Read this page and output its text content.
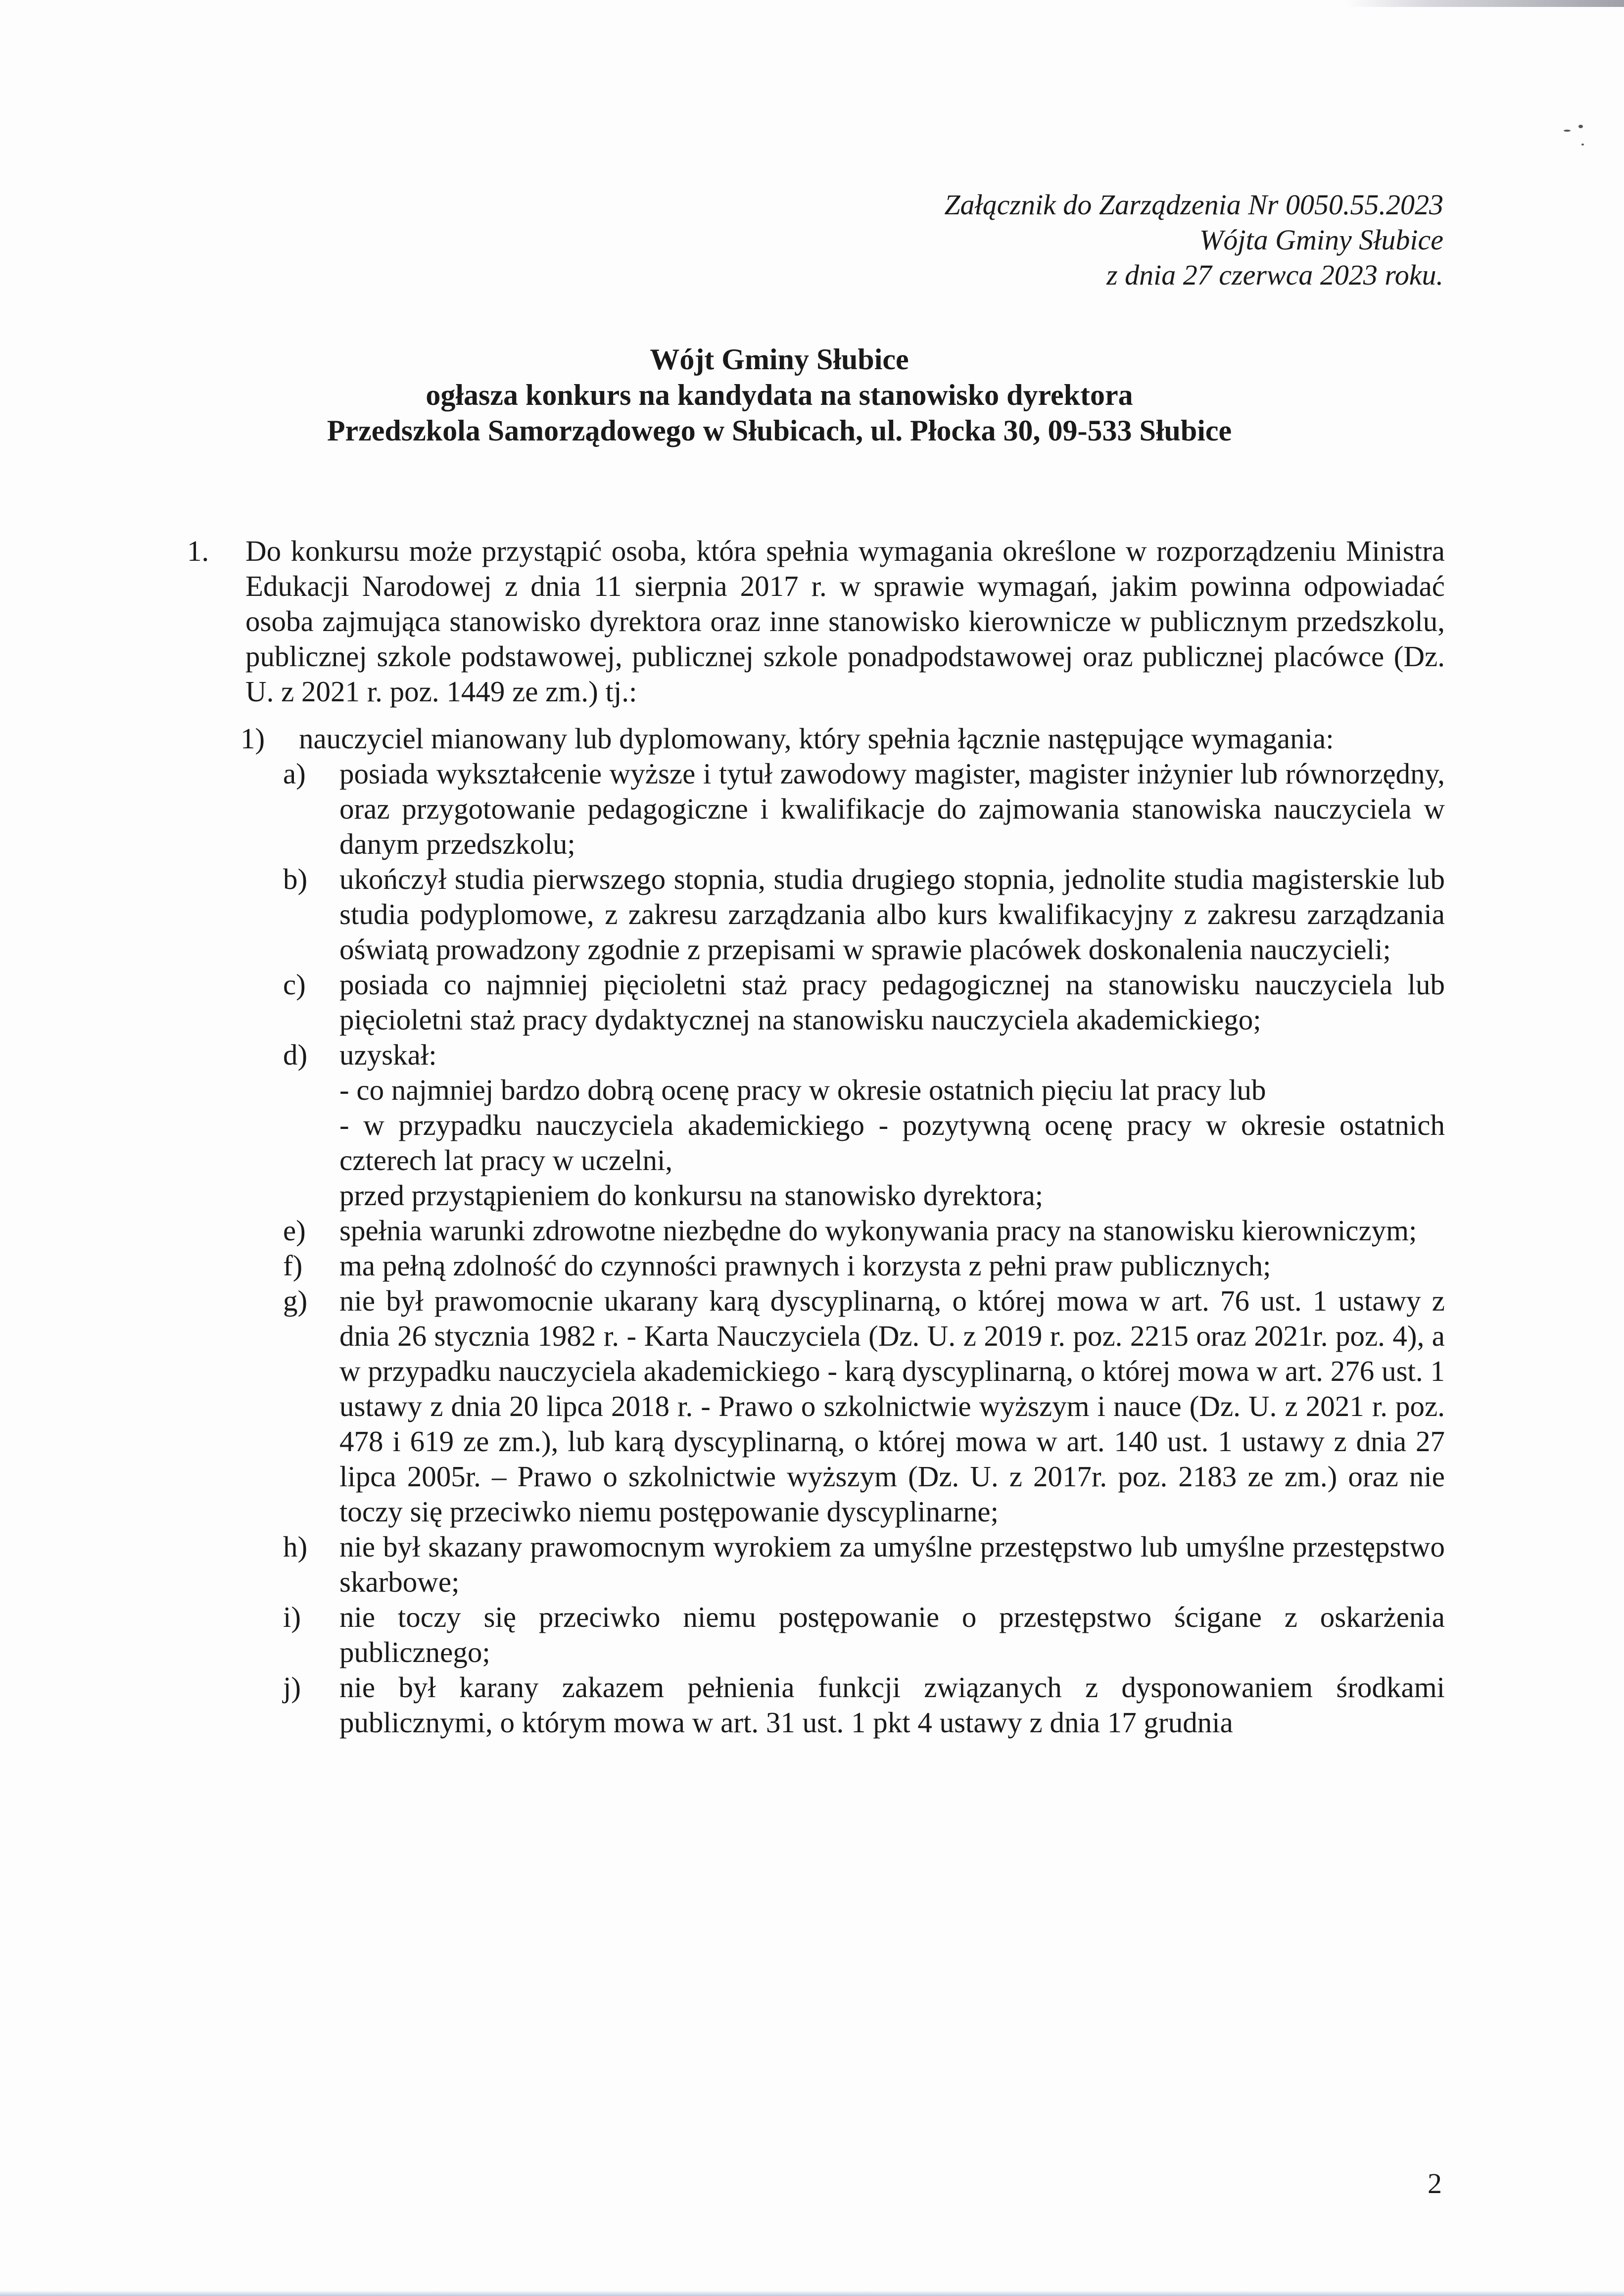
Załącznik do Zarządzenia Nr 0050.55.2023
Wójta Gminy Słubice
z dnia 27 czerwca 2023 roku.
Wójt Gminy Słubice
ogłasza konkurs na kandydata na stanowisko dyrektora
Przedszkola Samorządowego w Słubicach, ul. Płocka 30, 09-533 Słubice
1.	Do konkursu może przystąpić osoba, która spełnia wymagania określone w rozporządzeniu Ministra Edukacji Narodowej z dnia 11 sierpnia 2017 r. w sprawie wymagań, jakim powinna odpowiadać osoba zajmująca stanowisko dyrektora oraz inne stanowisko kierownicze w publicznym przedszkolu, publicznej szkole podstawowej, publicznej szkole ponadpodstawowej oraz publicznej placówce (Dz. U. z 2021 r. poz. 1449 ze zm.) tj.:
1)	nauczyciel mianowany lub dyplomowany, który spełnia łącznie następujące wymagania:
a)	posiada wykształcenie wyższe i tytuł zawodowy magister, magister inżynier lub równorzędny, oraz przygotowanie pedagogiczne i kwalifikacje do zajmowania stanowiska nauczyciela w danym przedszkolu;
b)	ukończył studia pierwszego stopnia, studia drugiego stopnia, jednolite studia magisterskie lub studia podyplomowe, z zakresu zarządzania albo kurs kwalifikacyjny z zakresu zarządzania oświatą prowadzony zgodnie z przepisami w sprawie placówek doskonalenia nauczycieli;
c)	posiada co najmniej pięcioletni staż pracy pedagogicznej na stanowisku nauczyciela lub pięcioletni staż pracy dydaktycznej na stanowisku nauczyciela akademickiego;
d)	uzyskał:
- co najmniej bardzo dobrą ocenę pracy w okresie ostatnich pięciu lat pracy lub
- w przypadku nauczyciela akademickiego - pozytywną ocenę pracy w okresie ostatnich czterech lat pracy w uczelni,
przed przystąpieniem do konkursu na stanowisko dyrektora;
e)	spełnia warunki zdrowotne niezbędne do wykonywania pracy na stanowisku kierowniczym;
f)	ma pełną zdolność do czynności prawnych i korzysta z pełni praw publicznych;
g)	nie był prawomocnie ukarany karą dyscyplinarną, o której mowa w art. 76 ust. 1 ustawy z dnia 26 stycznia 1982 r. - Karta Nauczyciela (Dz. U. z 2019 r. poz. 2215 oraz 2021r. poz. 4), a w przypadku nauczyciela akademickiego - karą dyscyplinarną, o której mowa w art. 276 ust. 1 ustawy z dnia 20 lipca 2018 r. - Prawo o szkolnictwie wyższym i nauce (Dz. U. z 2021 r. poz. 478 i 619 ze zm.), lub karą dyscyplinarną, o której mowa w art. 140 ust. 1 ustawy z dnia 27 lipca 2005r. – Prawo o szkolnictwie wyższym (Dz. U. z 2017r. poz. 2183 ze zm.) oraz nie toczy się przeciwko niemu postępowanie dyscyplinarne;
h)	nie był skazany prawomocnym wyrokiem za umyślne przestępstwo lub umyślne przestępstwo skarbowe;
i)	nie toczy się przeciwko niemu postępowanie o przestępstwo ścigane z oskarżenia publicznego;
j)	nie był karany zakazem pełnienia funkcji związanych z dysponowaniem środkami publicznymi, o którym mowa w art. 31 ust. 1 pkt 4 ustawy z dnia 17 grudnia
2
